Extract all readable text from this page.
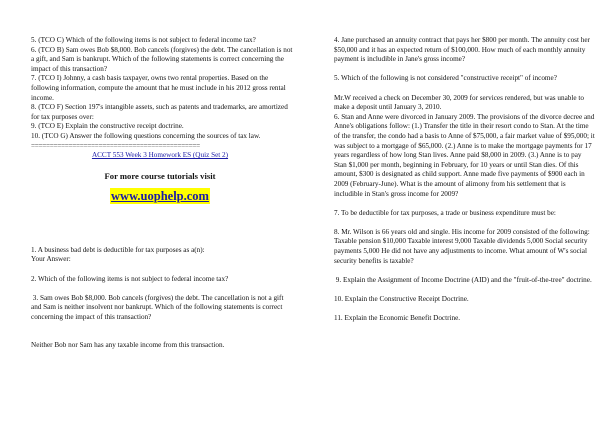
5. (TCO C) Which of the following items is not subject to federal income tax?

6. (TCO B) Sam owes Bob $8,000. Bob cancels (forgives) the debt. The cancellation is not a gift, and Sam is bankrupt. Which of the following statements is correct concerning the impact of this transaction?

7. (TCO I) Johnny, a cash basis taxpayer, owns two rental properties. Based on the following information, compute the amount that he must include in his 2012 gross rental income.

8. (TCO F) Section 197's intangible assets, such as patents and trademarks, are amortized for tax purposes over:

9. (TCO E) Explain the constructive receipt doctrine.

10. (TCO G) Answer the following questions concerning the sources of tax law.

=============================================

ACCT 553 Week 3 Homework ES (Quiz Set 2)

For more course tutorials visit

www.uophelp.com

1. A business bad debt is deductible for tax purposes as a(n):

Your Answer:

2. Which of the following items is not subject to federal income tax?

3. Sam owes Bob $8,000. Bob cancels (forgives) the debt. The cancellation is not a gift and Sam is neither insolvent nor bankrupt. Which of the following statements is correct concerning the impact of this transaction?

Neither Bob nor Sam has any taxable income from this transaction.

4. Jane purchased an annuity contract that pays her $800 per month. The annuity cost her $50,000 and it has an expected return of $100,000. How much of each monthly annuity payment is includible in Jane's gross income?

5. Which of the following is not considered "constructive receipt" of income?

Mr.W received a check on December 30, 2009 for services rendered, but was unable to make a deposit until January 3, 2010.

6. Stan and Anne were divorced in January 2009. The provisions of the divorce decree and Anne's obligations follow: (1.) Transfer the title in their resort condo to Stan. At the time of the transfer, the condo had a basis to Anne of $75,000, a fair market value of $95,000; it was subject to a mortgage of $65,000. (2.) Anne is to make the mortgage payments for 17 years regardless of how long Stan lives. Anne paid $8,000 in 2009. (3.) Anne is to pay Stan $1,000 per month, beginning in February, for 10 years or until Stan dies. Of this amount, $300 is designated as child support. Anne made five payments of $900 each in 2009 (February-June). What is the amount of alimony from his settlement that is includible in Stan's gross income for 2009?

7. To be deductible for tax purposes, a trade or business expenditure must be:

8. Mr. Wilson is 66 years old and single. His income for 2009 consisted of the following: Taxable pension $10,000 Taxable interest 9,000 Taxable dividends 5,000 Social security payments 5,000 He did not have any adjustments to income. What amount of W's social security benefits is taxable?

9. Explain the Assignment of Income Doctrine (AID) and the "fruit-of-the-tree" doctrine.

10. Explain the Constructive Receipt Doctrine.

11. Explain the Economic Benefit Doctrine.
